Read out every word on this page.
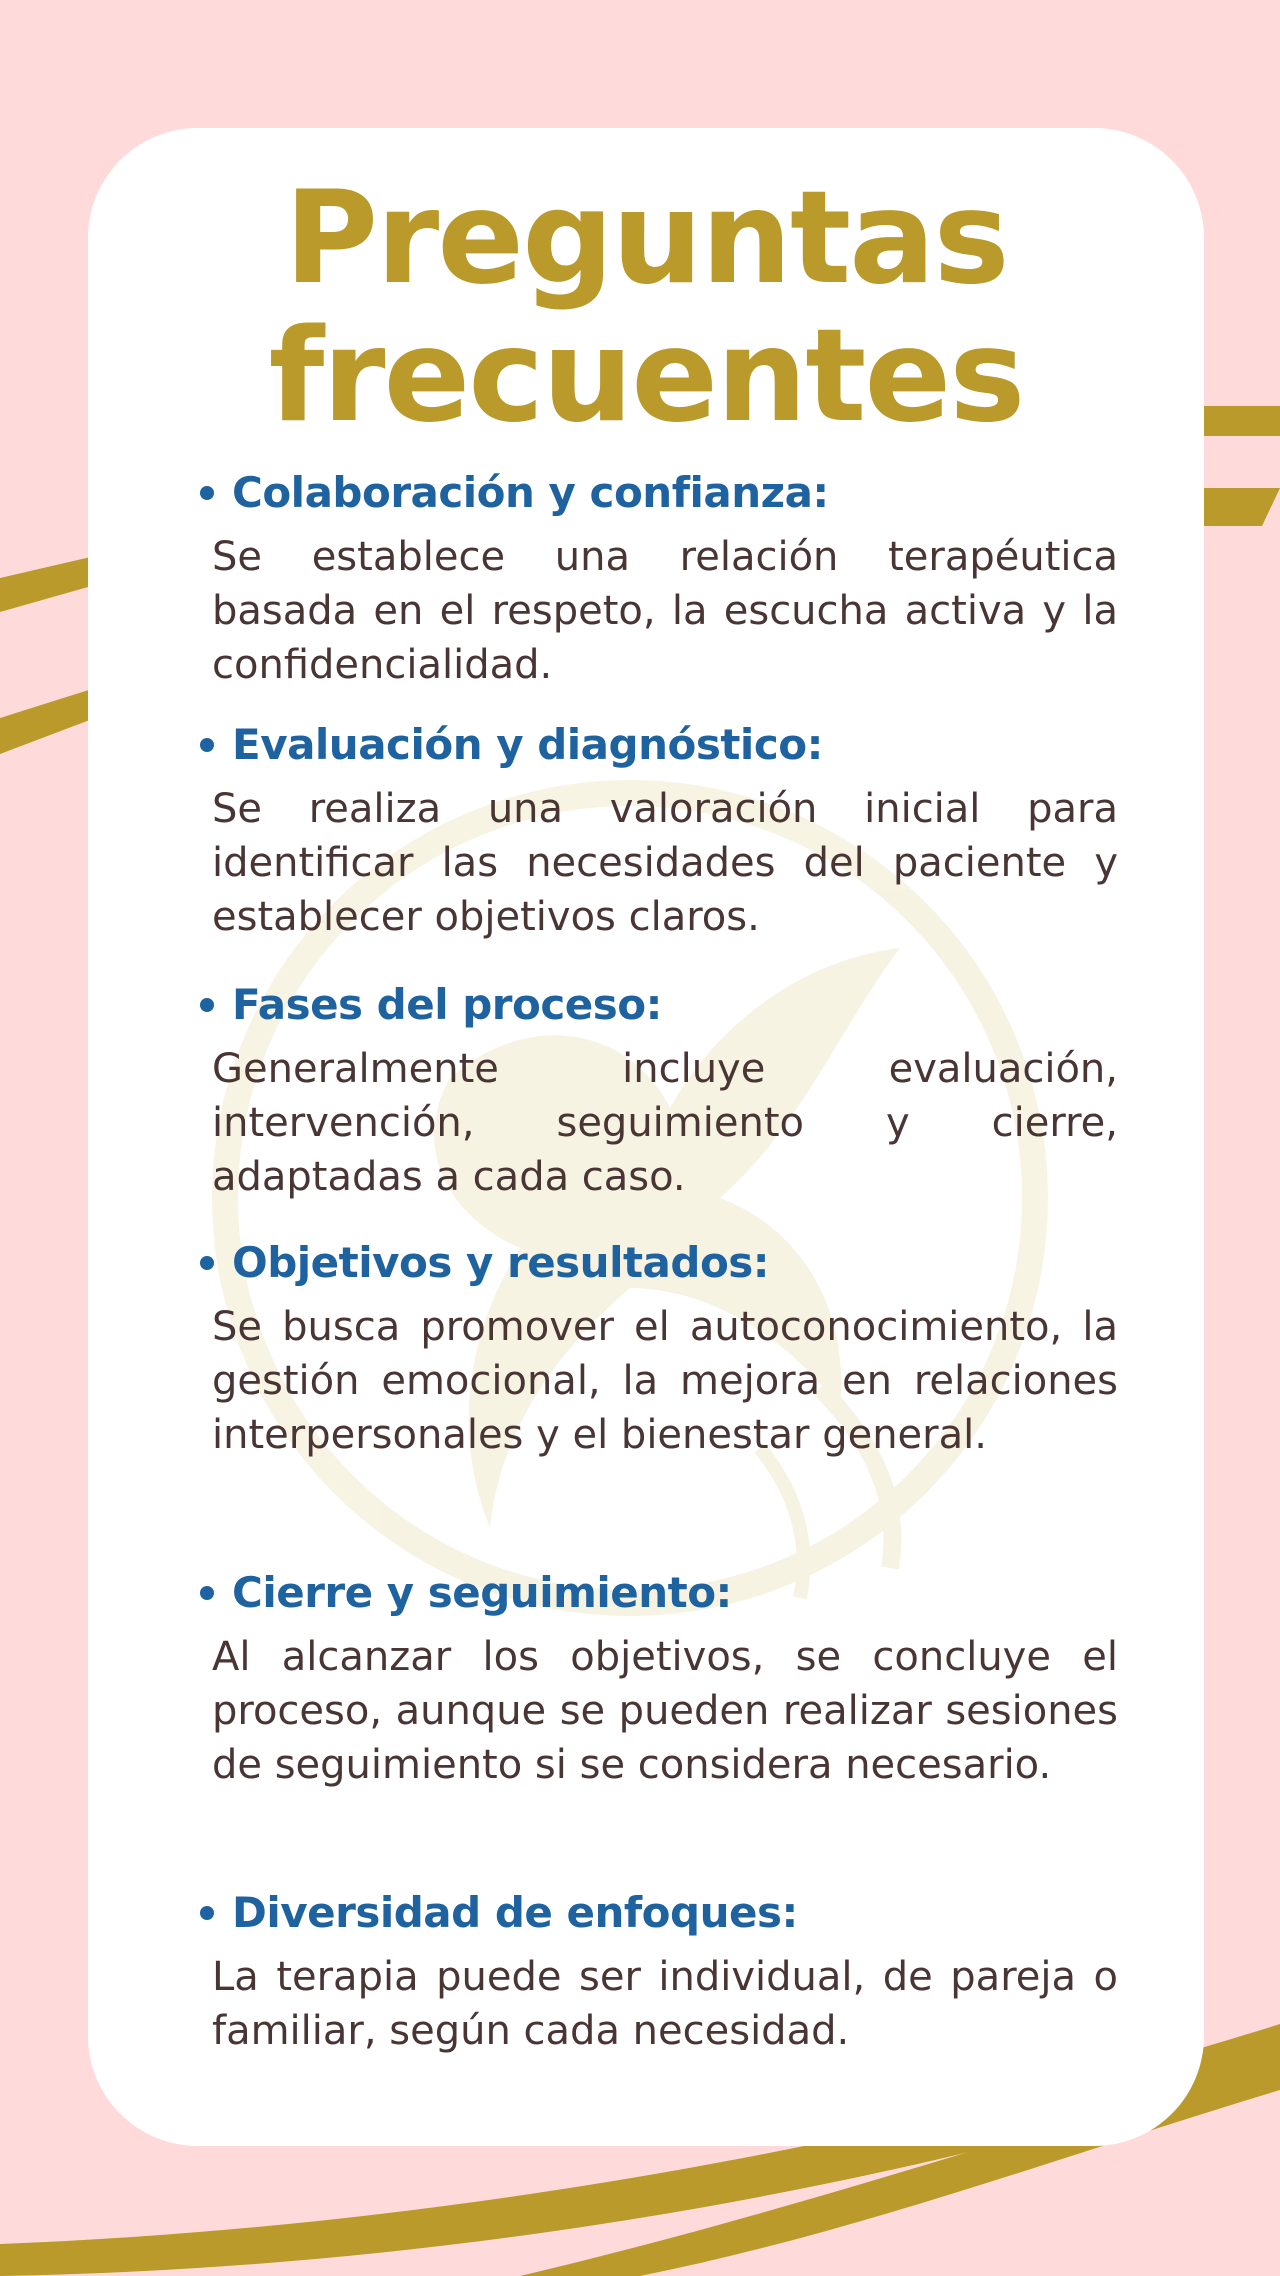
Preguntas
frecuentes
Colaboración y confianza:

Se establece una relación terapéutica basada en el respeto, la escucha activa y la confidencialidad.

Evaluación y diagnóstico:

Se realiza una valoración inicial para identificar las necesidades del paciente y establecer objetivos claros.

Fases del proceso:

Generalmente incluye evaluación, intervención, seguimiento y cierre, adaptadas a cada caso.

Objetivos y resultados:

Se busca promover el autoconocimiento, la gestión emocional, la mejora en relaciones interpersonales y el bienestar general.

Cierre y seguimiento:

Al alcanzar los objetivos, se concluye el proceso, aunque se pueden realizar sesiones de seguimiento si se considera necesario.

Diversidad de enfoques:

La terapia puede ser individual, de pareja o familiar, según cada necesidad.
